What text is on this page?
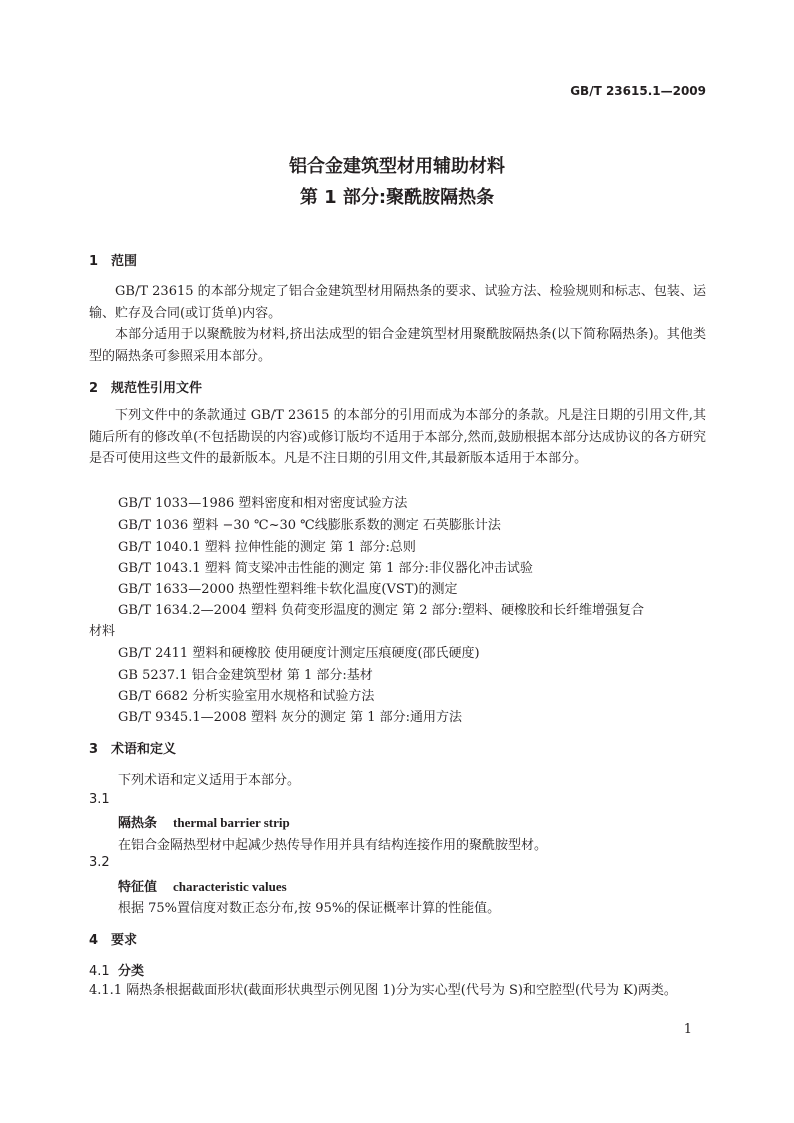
GB/T 23615.1—2009
铝合金建筑型材用辅助材料
第 1 部分:聚酰胺隔热条
1 范围
GB/T 23615 的本部分规定了铝合金建筑型材用隔热条的要求、试验方法、检验规则和标志、包装、运输、贮存及合同(或订货单)内容。
本部分适用于以聚酰胺为材料,挤出法成型的铝合金建筑型材用聚酰胺隔热条(以下简称隔热条)。其他类型的隔热条可参照采用本部分。
2 规范性引用文件
下列文件中的条款通过 GB/T 23615 的本部分的引用而成为本部分的条款。凡是注日期的引用文件,其随后所有的修改单(不包括勘误的内容)或修订版均不适用于本部分,然而,鼓励根据本部分达成协议的各方研究是否可使用这些文件的最新版本。凡是不注日期的引用文件,其最新版本适用于本部分。
GB/T 1033—1986 塑料密度和相对密度试验方法
GB/T 1036 塑料 −30 ℃~30 ℃线膨胀系数的测定 石英膨胀计法
GB/T 1040.1 塑料 拉伸性能的测定 第 1 部分:总则
GB/T 1043.1 塑料 简支梁冲击性能的测定 第 1 部分:非仪器化冲击试验
GB/T 1633—2000 热塑性塑料维卡软化温度(VST)的测定
GB/T 1634.2—2004 塑料 负荷变形温度的测定 第 2 部分:塑料、硬橡胶和长纤维增强复合
材料
GB/T 2411 塑料和硬橡胶 使用硬度计测定压痕硬度(邵氏硬度)
GB 5237.1 铝合金建筑型材 第 1 部分:基材
GB/T 6682 分析实验室用水规格和试验方法
GB/T 9345.1—2008 塑料 灰分的测定 第 1 部分:通用方法
3 术语和定义
下列术语和定义适用于本部分。
3.1
隔热条 thermal barrier strip
在铝合金隔热型材中起减少热传导作用并具有结构连接作用的聚酰胺型材。
3.2
特征值 characteristic values
根据 75%置信度对数正态分布,按 95%的保证概率计算的性能值。
4 要求
4.1 分类
4.1.1 隔热条根据截面形状(截面形状典型示例见图 1)分为实心型(代号为 S)和空腔型(代号为 K)两类。
1
